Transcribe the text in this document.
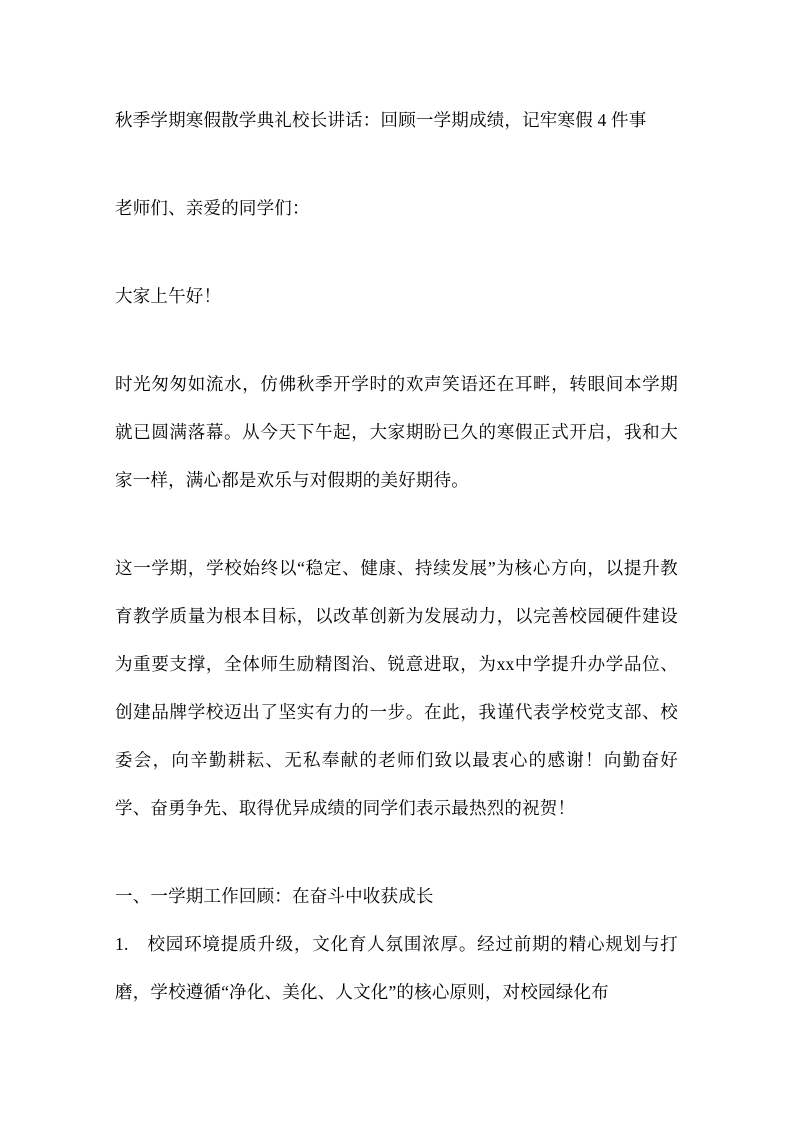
秋季学期寒假散学典礼校长讲话：回顾一学期成绩，记牢寒假 4 件事

老师们、亲爱的同学们：

大家上午好！

时光匆匆如流水，仿佛秋季开学时的欢声笑语还在耳畔，转眼间本学期就已圆满落幕。从今天下午起，大家期盼已久的寒假正式开启，我和大家一样，满心都是欢乐与对假期的美好期待。

这一学期，学校始终以“稳定、健康、持续发展”为核心方向，以提升教育教学质量为根本目标，以改革创新为发展动力，以完善校园硬件建设为重要支撑，全体师生励精图治、锐意进取，为xx中学提升办学品位、创建品牌学校迈出了坚实有力的一步。在此，我谨代表学校党支部、校委会，向辛勤耕耘、无私奉献的老师们致以最衷心的感谢！向勤奋好学、奋勇争先、取得优异成绩的同学们表示最热烈的祝贺！

一、一学期工作回顾：在奋斗中收获成长

1.　校园环境提质升级，文化育人氛围浓厚。经过前期的精心规划与打磨，学校遵循“净化、美化、人文化”的核心原则，对校园绿化布
